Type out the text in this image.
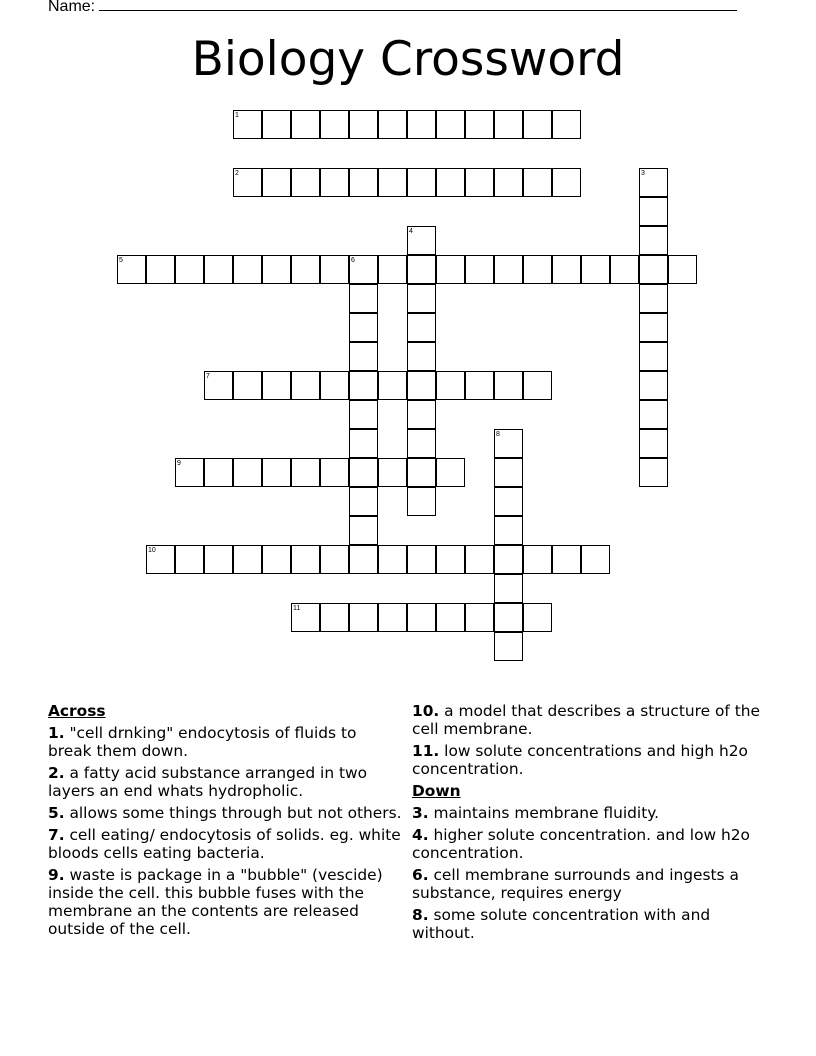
Name:
Biology Crossword
1
2	3
4
5	6
7
8
9
10
11
Across
1. "cell drnking" endocytosis of fluids to break them down.
2. a fatty acid substance arranged in two layers an end whats hydropholic.
5. allows some things through but not others.
7. cell eating/ endocytosis of solids. eg. white bloods cells eating bacteria.
9. waste is package in a "bubble" (vescide) inside the cell. this bubble fuses with the membrane an the contents are released outside of the cell.
10. a model that describes a structure of the cell membrane.
11. low solute concentrations and high h2o concentration.
Down
3. maintains membrane fluidity.
4. higher solute concentration. and low h2o concentration.
6. cell membrane surrounds and ingests a substance, requires energy
8. some solute concentration with and without.
